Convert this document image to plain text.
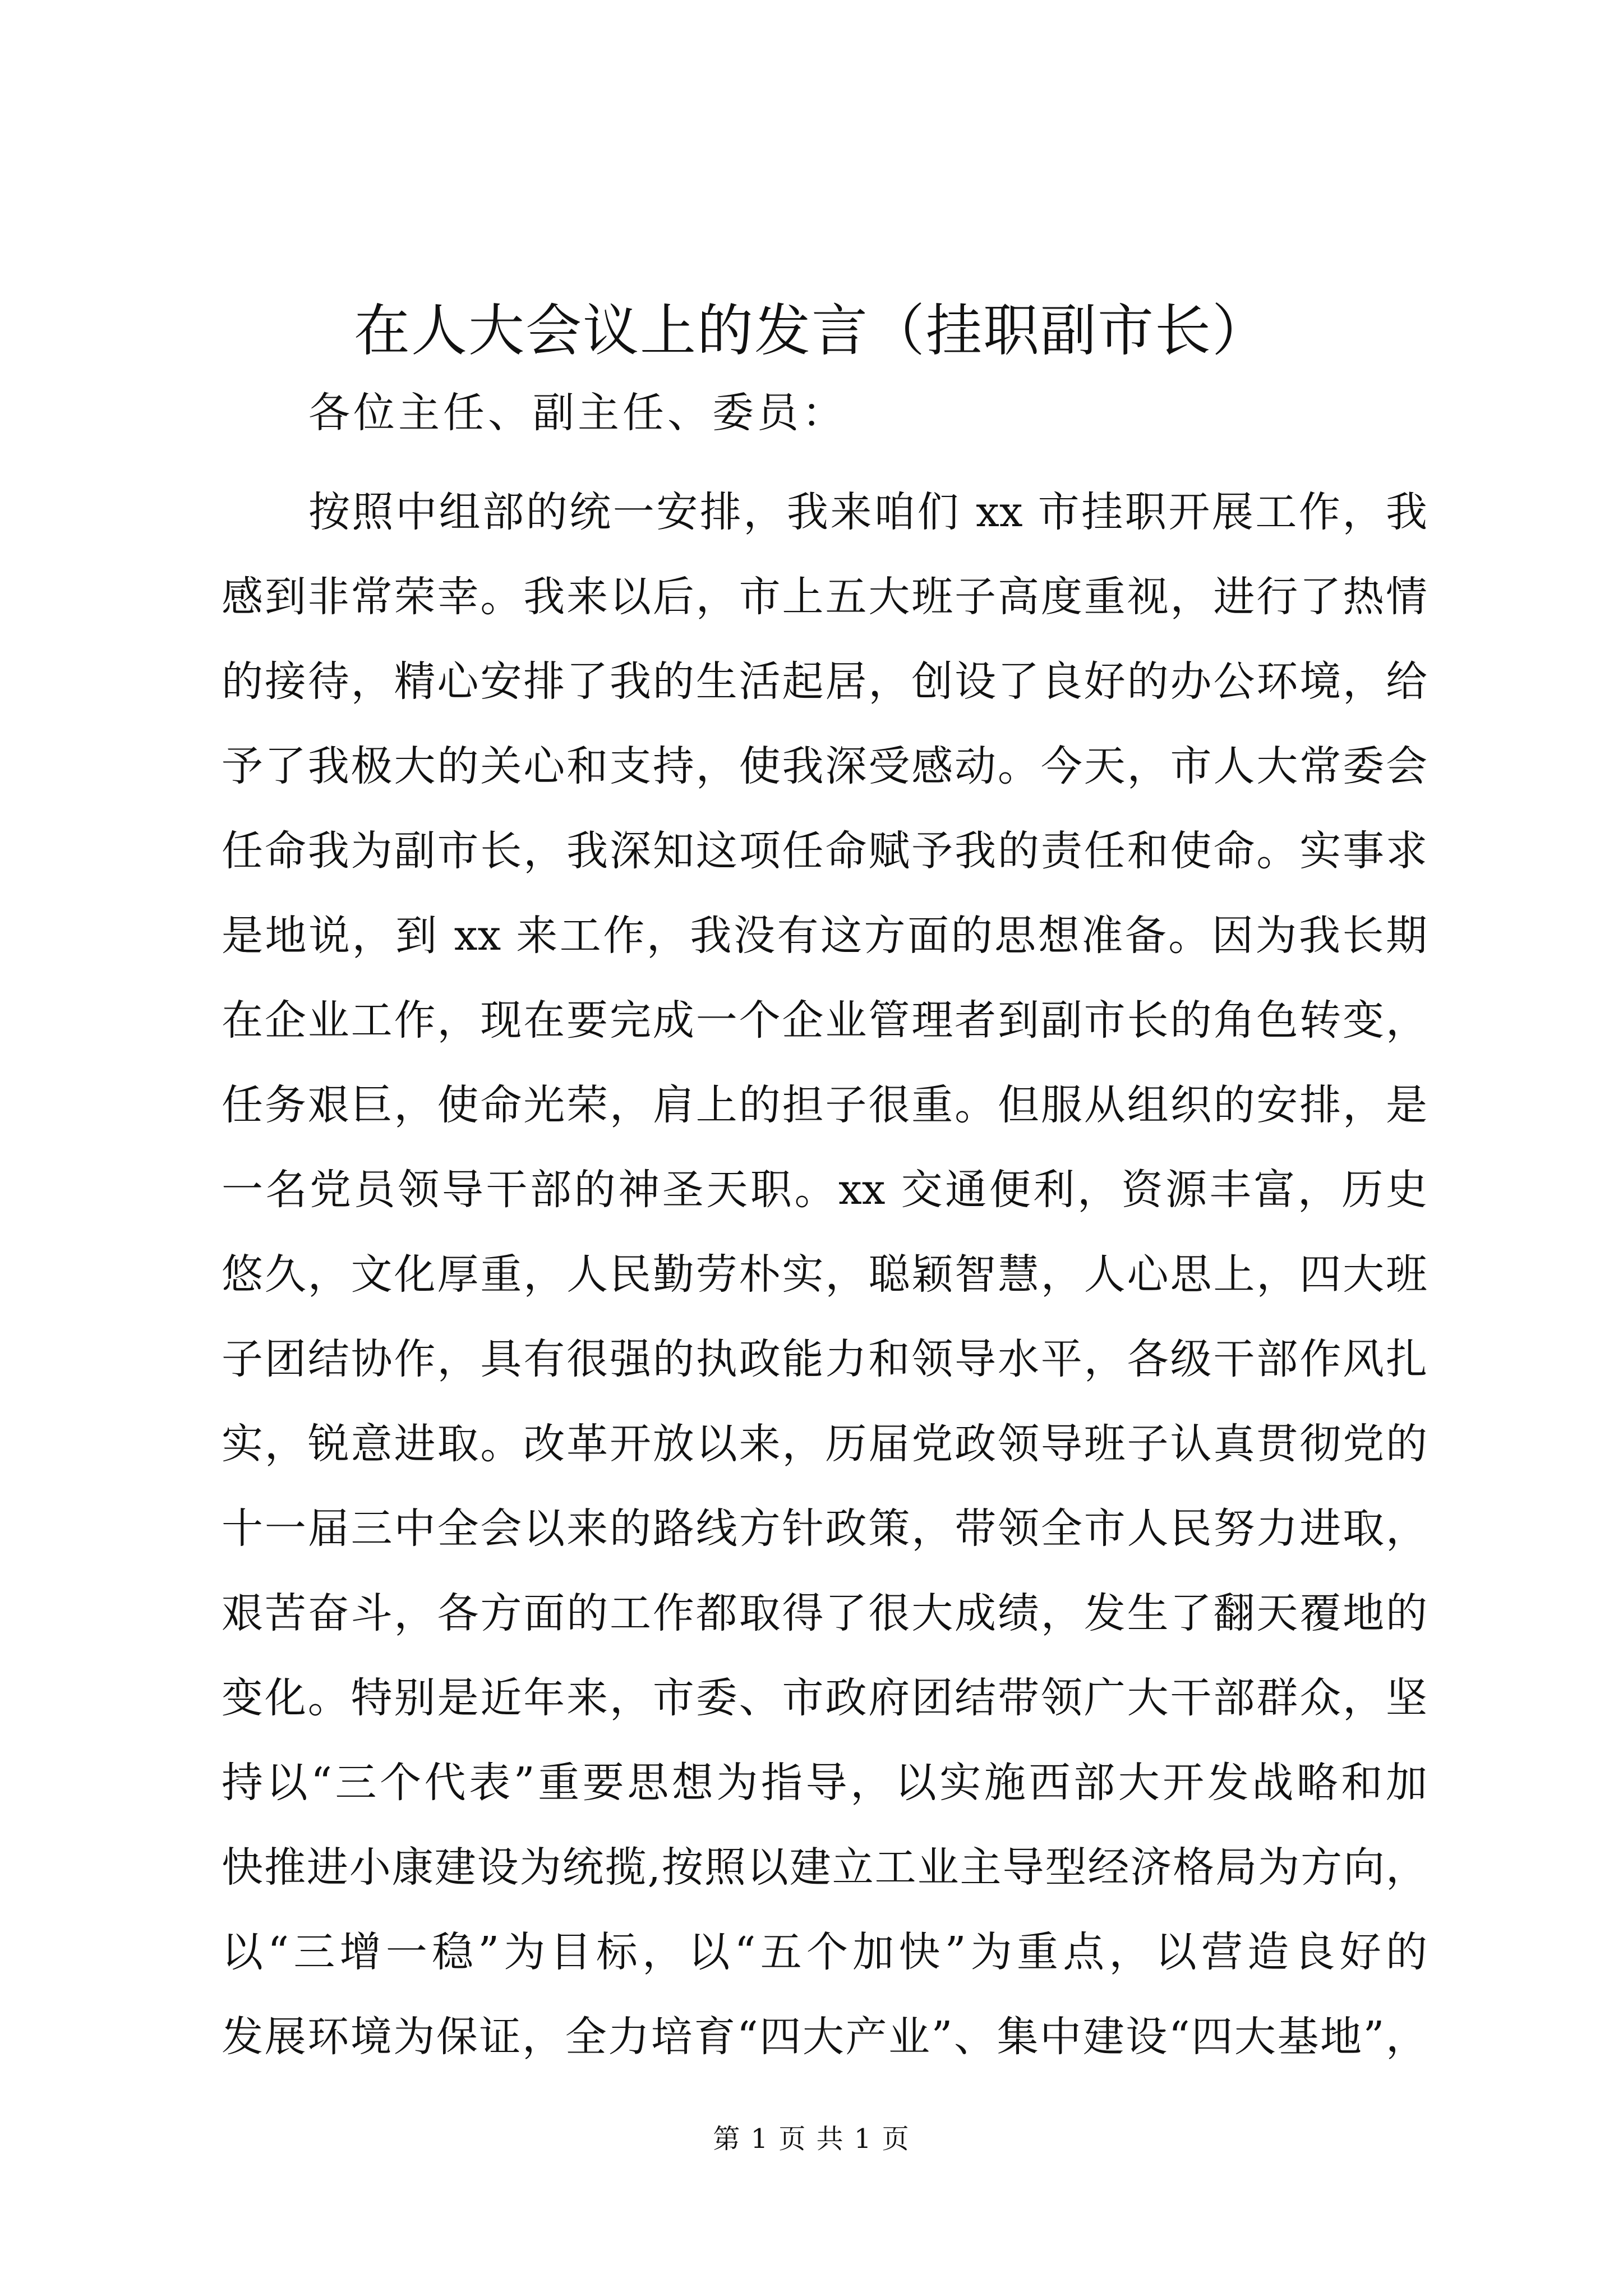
在人大会议上的发言（挂职副市长）

各位主任、副主任、委员：

按照中组部的统一安排，我来咱们 xx 市挂职开展工作，我
感到非常荣幸。我来以后，市上五大班子高度重视，进行了热情
的接待，精心安排了我的生活起居，创设了良好的办公环境，给
予了我极大的关心和支持，使我深受感动。今天，市人大常委会
任命我为副市长，我深知这项任命赋予我的责任和使命。实事求
是地说，到 xx 来工作，我没有这方面的思想准备。因为我长期
在企业工作，现在要完成一个企业管理者到副市长的角色转变，
任务艰巨，使命光荣，肩上的担子很重。但服从组织的安排，是
一名党员领导干部的神圣天职。xx 交通便利，资源丰富，历史
悠久，文化厚重，人民勤劳朴实，聪颖智慧，人心思上，四大班
子团结协作，具有很强的执政能力和领导水平，各级干部作风扎
实，锐意进取。改革开放以来，历届党政领导班子认真贯彻党的
十一届三中全会以来的路线方针政策，带领全市人民努力进取，
艰苦奋斗，各方面的工作都取得了很大成绩，发生了翻天覆地的
变化。特别是近年来，市委、市政府团结带领广大干部群众，坚
持以“三个代表”重要思想为指导，以实施西部大开发战略和加
快推进小康建设为统揽,按照以建立工业主导型经济格局为方向，
以“三增一稳”为目标，以“五个加快”为重点，以营造良好的
发展环境为保证，全力培育“四大产业”、集中建设“四大基地”，

第 1 页 共 1 页
